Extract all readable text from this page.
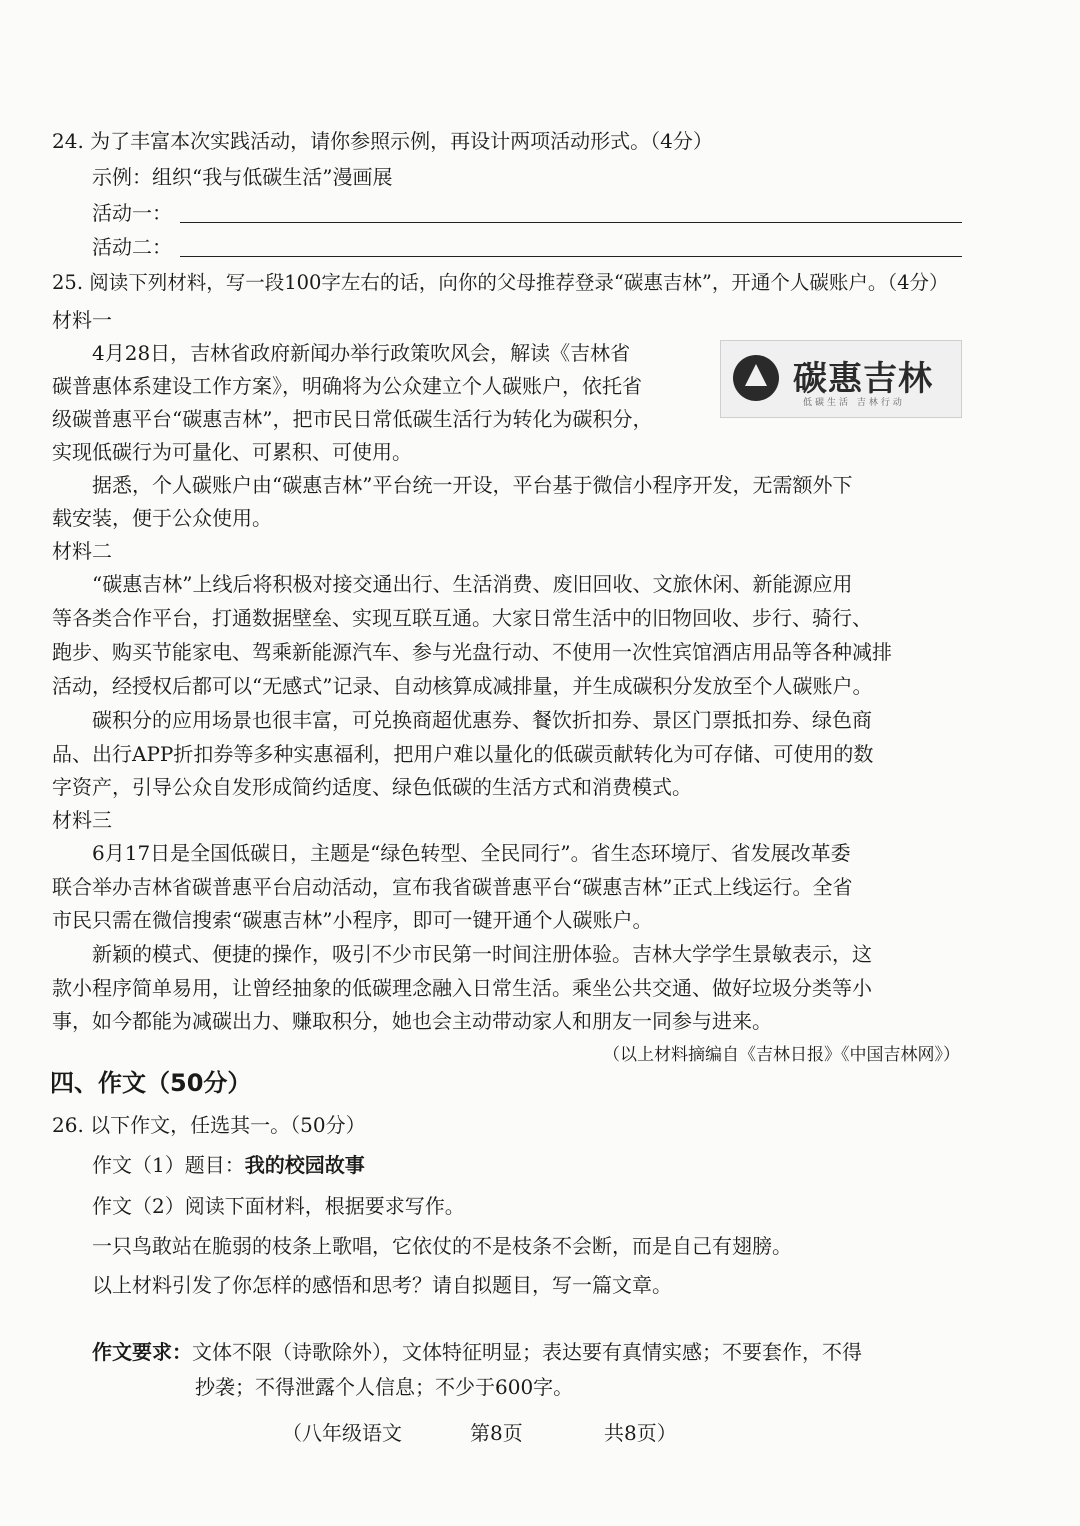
24. 为了丰富本次实践活动，请你参照示例，再设计两项活动形式。（4分）
示例：组织“我与低碳生活”漫画展
活动一：
活动二：
25. 阅读下列材料，写一段100字左右的话，向你的父母推荐登录“碳惠吉林”，开通个人碳账户。（4分）
材料一
4月28日，吉林省政府新闻办举行政策吹风会，解读《吉林省
碳普惠体系建设工作方案》，明确将为公众建立个人碳账户，依托省
级碳普惠平台“碳惠吉林”，把市民日常低碳生活行为转化为碳积分，
实现低碳行为可量化、可累积、可使用。
据悉，个人碳账户由“碳惠吉林”平台统一开设，平台基于微信小程序开发，无需额外下
载安装，便于公众使用。
碳惠吉林
低碳生活 吉林行动
材料二
“碳惠吉林”上线后将积极对接交通出行、生活消费、废旧回收、文旅休闲、新能源应用
等各类合作平台，打通数据壁垒、实现互联互通。大家日常生活中的旧物回收、步行、骑行、
跑步、购买节能家电、驾乘新能源汽车、参与光盘行动、不使用一次性宾馆酒店用品等各种减排
活动，经授权后都可以“无感式”记录、自动核算成减排量，并生成碳积分发放至个人碳账户。
碳积分的应用场景也很丰富，可兑换商超优惠券、餐饮折扣券、景区门票抵扣券、绿色商
品、出行APP折扣券等多种实惠福利，把用户难以量化的低碳贡献转化为可存储、可使用的数
字资产，引导公众自发形成简约适度、绿色低碳的生活方式和消费模式。
材料三
6月17日是全国低碳日，主题是“绿色转型、全民同行”。省生态环境厅、省发展改革委
联合举办吉林省碳普惠平台启动活动，宣布我省碳普惠平台“碳惠吉林”正式上线运行。全省
市民只需在微信搜索“碳惠吉林”小程序，即可一键开通个人碳账户。
新颖的模式、便捷的操作，吸引不少市民第一时间注册体验。吉林大学学生景敏表示，这
款小程序简单易用，让曾经抽象的低碳理念融入日常生活。乘坐公共交通、做好垃圾分类等小
事，如今都能为减碳出力、赚取积分，她也会主动带动家人和朋友一同参与进来。
（以上材料摘编自《吉林日报》《中国吉林网》）
四、作文（50分）
26. 以下作文，任选其一。（50分）
作文（1）题目：我的校园故事
作文（2）阅读下面材料，根据要求写作。
一只鸟敢站在脆弱的枝条上歌唱，它依仗的不是枝条不会断，而是自己有翅膀。
以上材料引发了你怎样的感悟和思考？请自拟题目，写一篇文章。
作文要求：文体不限（诗歌除外），文体特征明显；表达要有真情实感；不要套作，不得
抄袭；不得泄露个人信息；不少于600字。
（八年级语文	第8页	共8页）
